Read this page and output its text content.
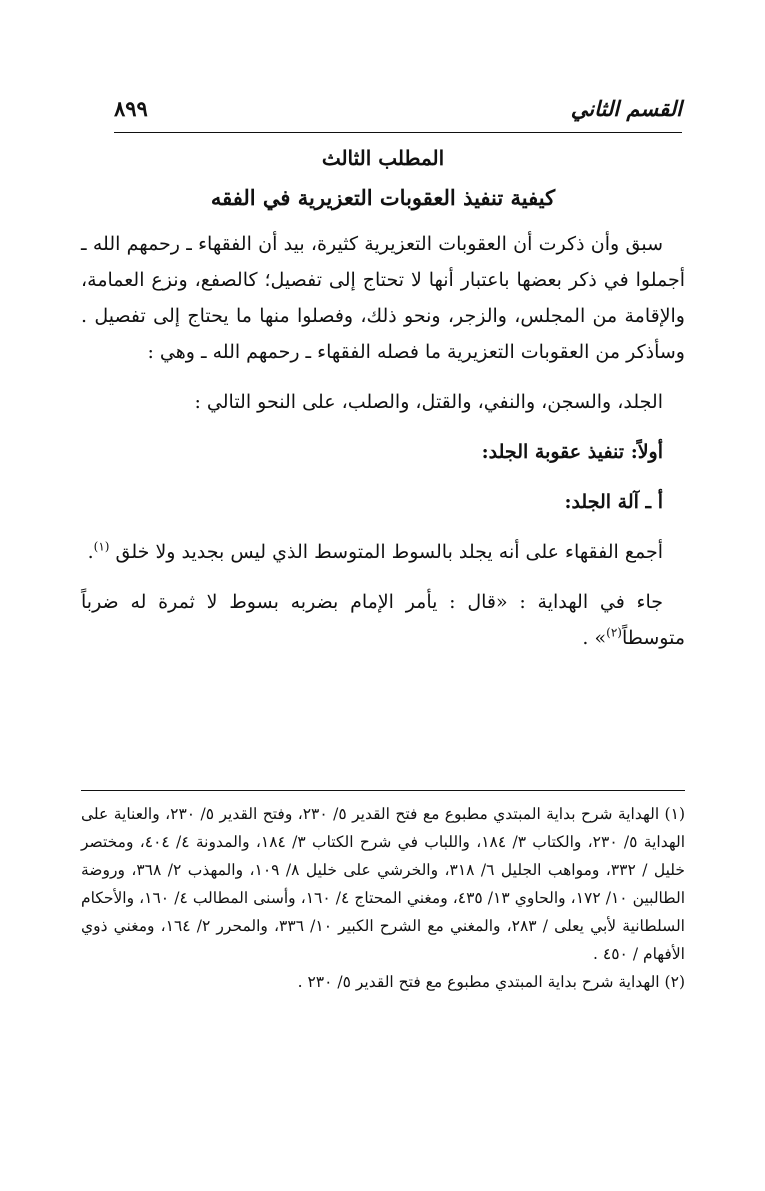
القسم الثاني
٨٩٩

المطلب الثالث

كيفية تنفيذ العقوبات التعزيرية في الفقه

سبق وأن ذكرت أن العقوبات التعزيرية كثيرة، بيد أن الفقهاء ـ رحمهم الله ـ أجملوا في ذكر بعضها باعتبار أنها لا تحتاج إلى تفصيل؛ كالصفع، ونزع العمامة، والإقامة من المجلس، والزجر، ونحو ذلك، وفصلوا منها ما يحتاج إلى تفصيل . وسأذكر من العقوبات التعزيرية ما فصله الفقهاء ـ رحمهم الله ـ وهي :

الجلد، والسجن، والنفي، والقتل، والصلب، على النحو التالي :

أولاً: تنفيذ عقوبة الجلد:

أ ـ آلة الجلد:

أجمع الفقهاء على أنه يجلد بالسوط المتوسط الذي ليس بجديد ولا خلق $^{(١)}$.

جاء في الهداية : «قال : يأمر الإمام بضربه بسوط لا ثمرة له ضرباً متوسطاً$^{(٢)}$» .

(١) الهداية شرح بداية المبتدي مطبوع مع فتح القدير ٥/ ٢٣٠، وفتح القدير ٥/ ٢٣٠، والعناية على الهداية ٥/ ٢٣٠، والكتاب ٣/ ١٨٤، واللباب في شرح الكتاب ٣/ ١٨٤، والمدونة ٤/ ٤٠٤، ومختصر خليل / ٣٣٢، ومواهب الجليل ٦/ ٣١٨، والخرشي على خليل ٨/ ١٠٩، والمهذب ٢/ ٣٦٨، وروضة الطالبين ١٠/ ١٧٢، والحاوي ١٣/ ٤٣٥، ومغني المحتاج ٤/ ١٦٠، وأسنى المطالب ٤/ ١٦٠، والأحكام السلطانية لأبي يعلى / ٢٨٣، والمغني مع الشرح الكبير ١٠/ ٣٣٦، والمحرر ٢/ ١٦٤، ومغني ذوي الأفهام / ٤٥٠ .

(٢) الهداية شرح بداية المبتدي مطبوع مع فتح القدير ٥/ ٢٣٠ .
